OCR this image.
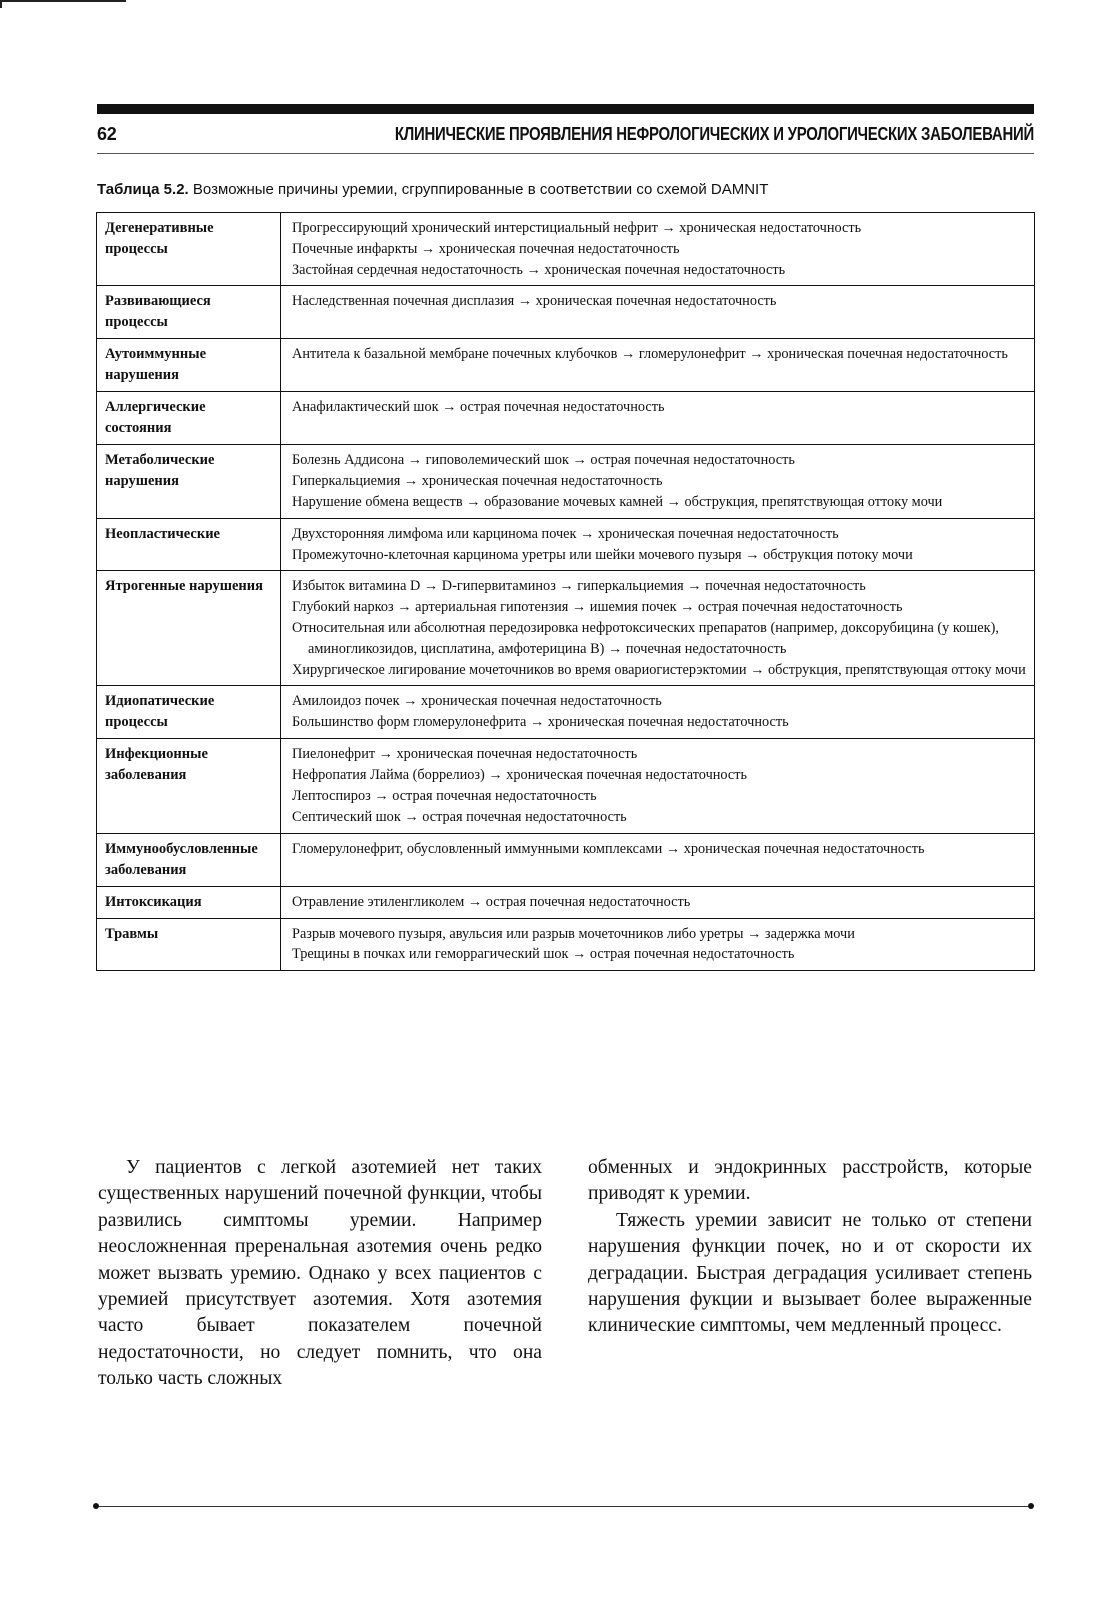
62	КЛИНИЧЕСКИЕ ПРОЯВЛЕНИЯ НЕФРОЛОГИЧЕСКИХ И УРОЛОГИЧЕСКИХ ЗАБОЛЕВАНИЙ
Таблица 5.2. Возможные причины уремии, сгруппированные в соответствии со схемой DAMNIT
Дегенеративные процессы	Прогрессирующий хронический интерстициальный нефрит → хроническая недостаточность
Почечные инфаркты → хроническая почечная недостаточность
Застойная сердечная недостаточность → хроническая почечная недостаточность

Развивающиеся процессы	Наследственная почечная дисплазия → хроническая почечная недостаточность

Аутоиммунные нарушения	Антитела к базальной мембране почечных клубочков → гломерулонефрит → хроническая почечная недостаточность

Аллергические состояния	Анафилактический шок → острая почечная недостаточность

Метаболические нарушения	Болезнь Аддисона → гиповолемический шок → острая почечная недостаточность
Гиперкальциемия → хроническая почечная недостаточность
Нарушение обмена веществ → образование мочевых камней → обструкция, препятствующая оттоку мочи

Неопластические	Двухсторонняя лимфома или карцинома почек → хроническая почечная недостаточность
Промежуточно-клеточная карцинома уретры или шейки мочевого пузыря → обструкция потоку мочи

Ятрогенные нарушения	Избыток витамина D → D-гипервитаминоз → гиперкальциемия → почечная недостаточность
Глубокий наркоз → артериальная гипотензия → ишемия почек → острая почечная недостаточность
Относительная или абсолютная передозировка нефротоксических препаратов (например, доксорубицина (у кошек), аминогликозидов, цисплатина, амфотерицина В) → почечная недостаточность
Хирургическое лигирование мочеточников во время овариогистерэктомии → обструкция, препятствующая оттоку мочи

Идиопатические процессы	Амилоидоз почек → хроническая почечная недостаточность
Большинство форм гломерулонефрита → хроническая почечная недостаточность

Инфекционные заболевания	Пиелонефрит → хроническая почечная недостаточность
Нефропатия Лайма (боррелиоз) → хроническая почечная недостаточность
Лептоспироз → острая почечная недостаточность
Септический шок → острая почечная недостаточность

Иммунообусловленные заболевания	Гломерулонефрит, обусловленный иммунными комплексами → хроническая почечная недостаточность

Интоксикация	Отравление этиленгликолем → острая почечная недостаточность

Травмы	Разрыв мочевого пузыря, авульсия или разрыв мочеточников либо уретры → задержка мочи
Трещины в почках или геморрагический шок → острая почечная недостаточность

У пациентов с легкой азотемией нет таких существенных нарушений почечной функции, чтобы развились симптомы уремии. Например неосложненная преренальная азотемия очень редко может вызвать уремию. Однако у всех пациентов с уремией присутствует азотемия. Хотя азотемия часто бывает показателем почечной недостаточности, но следует помнить, что она только часть сложных

обменных и эндокринных расстройств, которые приводят к уремии.

Тяжесть уремии зависит не только от степени нарушения функции почек, но и от скорости их деградации. Быстрая деградация усиливает степень нарушения фукции и вызывает более выраженные клинические симптомы, чем медленный процесс.
